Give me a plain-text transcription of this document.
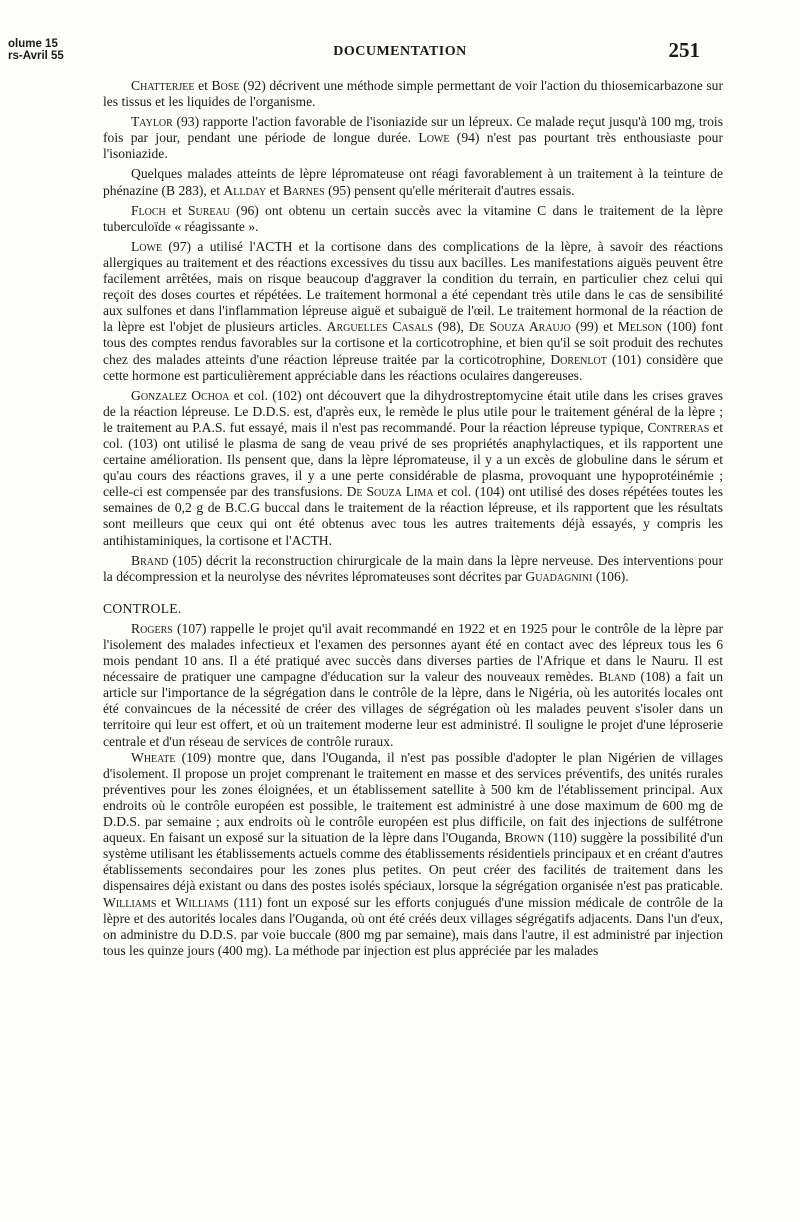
olume 15
rs-Avril 55	DOCUMENTATION	251

Chatterjee et Bose (92) décrivent une méthode simple permettant de voir l'action du thiosemicarbazone sur les tissus et les liquides de l'organisme.

Taylor (93) rapporte l'action favorable de l'isoniazide sur un lépreux. Ce malade reçut jusqu'à 100 mg, trois fois par jour, pendant une période de longue durée. Lowe (94) n'est pas pourtant très enthousiaste pour l'isoniazide.

Quelques malades atteints de lèpre lépromateuse ont réagi favorablement à un traitement à la teinture de phénazine (B 283), et Allday et Barnes (95) pensent qu'elle mériterait d'autres essais.

Floch et Sureau (96) ont obtenu un certain succès avec la vitamine C dans le traitement de la lèpre tuberculoïde « réagissante ».

Lowe (97) a utilisé l'ACTH et la cortisone dans des complications de la lèpre, à savoir des réactions allergiques au traitement et des réactions excessives du tissu aux bacilles. Les manifestations aiguës peuvent être facilement arrêtées, mais on risque beaucoup d'aggraver la condition du terrain, en particulier chez celui qui reçoit des doses courtes et répétées. Le traitement hormonal a été cependant très utile dans le cas de sensibilité aux sulfones et dans l'inflammation lépreuse aiguë et subaiguë de l'œil. Le traitement hormonal de la réaction de la lèpre est l'objet de plusieurs articles. Arguelles Casals (98), De Souza Araujo (99) et Melson (100) font tous des comptes rendus favorables sur la cortisone et la corticotrophine, et bien qu'il se soit produit des rechutes chez des malades atteints d'une réaction lépreuse traitée par la corticotrophine, Dorenlot (101) considère que cette hormone est particulièrement appréciable dans les réactions oculaires dangereuses.

Gonzalez Ochoa et col. (102) ont découvert que la dihydrostreptomycine était utile dans les crises graves de la réaction lépreuse. Le D.D.S. est, d'après eux, le remède le plus utile pour le traitement général de la lèpre ; le traitement au P.A.S. fut essayé, mais il n'est pas recommandé. Pour la réaction lépreuse typique, Contreras et col. (103) ont utilisé le plasma de sang de veau privé de ses propriétés anaphylactiques, et ils rapportent une certaine amélioration. Ils pensent que, dans la lèpre lépromateuse, il y a un excès de globuline dans le sérum et qu'au cours des réactions graves, il y a une perte considérable de plasma, provoquant une hypoprotéinémie ; celle-ci est compensée par des transfusions. De Souza Lima et col. (104) ont utilisé des doses répétées toutes les semaines de 0,2 g de B.C.G buccal dans le traitement de la réaction lépreuse, et ils rapportent que les résultats sont meilleurs que ceux qui ont été obtenus avec tous les autres traitements déjà essayés, y compris les antihistaminiques, la cortisone et l'ACTH.

Brand (105) décrit la reconstruction chirurgicale de la main dans la lèpre nerveuse. Des interventions pour la décompression et la neurolyse des névrites lépromateuses sont décrites par Guadagnini (106).

CONTROLE.

Rogers (107) rappelle le projet qu'il avait recommandé en 1922 et en 1925 pour le contrôle de la lèpre par l'isolement des malades infectieux et l'examen des personnes ayant été en contact avec des lépreux tous les 6 mois pendant 10 ans. Il a été pratiqué avec succès dans diverses parties de l'Afrique et dans le Nauru. Il est nécessaire de pratiquer une campagne d'éducation sur la valeur des nouveaux remèdes. Bland (108) a fait un article sur l'importance de la ségrégation dans le contrôle de la lèpre, dans le Nigéria, où les autorités locales ont été convaincues de la nécessité de créer des villages de ségrégation où les malades peuvent s'isoler dans un territoire qui leur est offert, et où un traitement moderne leur est administré. Il souligne le projet d'une léproserie centrale et d'un réseau de services de contrôle ruraux.

Wheate (109) montre que, dans l'Ouganda, il n'est pas possible d'adopter le plan Nigérien de villages d'isolement. Il propose un projet comprenant le traitement en masse et des services préventifs, des unités rurales préventives pour les zones éloignées, et un établissement satellite à 500 km de l'établissement principal. Aux endroits où le contrôle européen est possible, le traitement est administré à une dose maximum de 600 mg de D.D.S. par semaine ; aux endroits où le contrôle européen est plus difficile, on fait des injections de sulfétrone aqueux. En faisant un exposé sur la situation de la lèpre dans l'Ouganda, Brown (110) suggère la possibilité d'un système utilisant les établissements actuels comme des établissements résidentiels principaux et en créant d'autres établissements secondaires pour les zones plus petites. On peut créer des facilités de traitement dans les dispensaires déjà existant ou dans des postes isolés spéciaux, lorsque la ségrégation organisée n'est pas praticable. Williams et Williams (111) font un exposé sur les efforts conjugués d'une mission médicale de contrôle de la lèpre et des autorités locales dans l'Ouganda, où ont été créés deux villages ségrégatifs adjacents. Dans l'un d'eux, on administre du D.D.S. par voie buccale (800 mg par semaine), mais dans l'autre, il est administré par injection tous les quinze jours (400 mg). La méthode par injection est plus appréciée par les malades
